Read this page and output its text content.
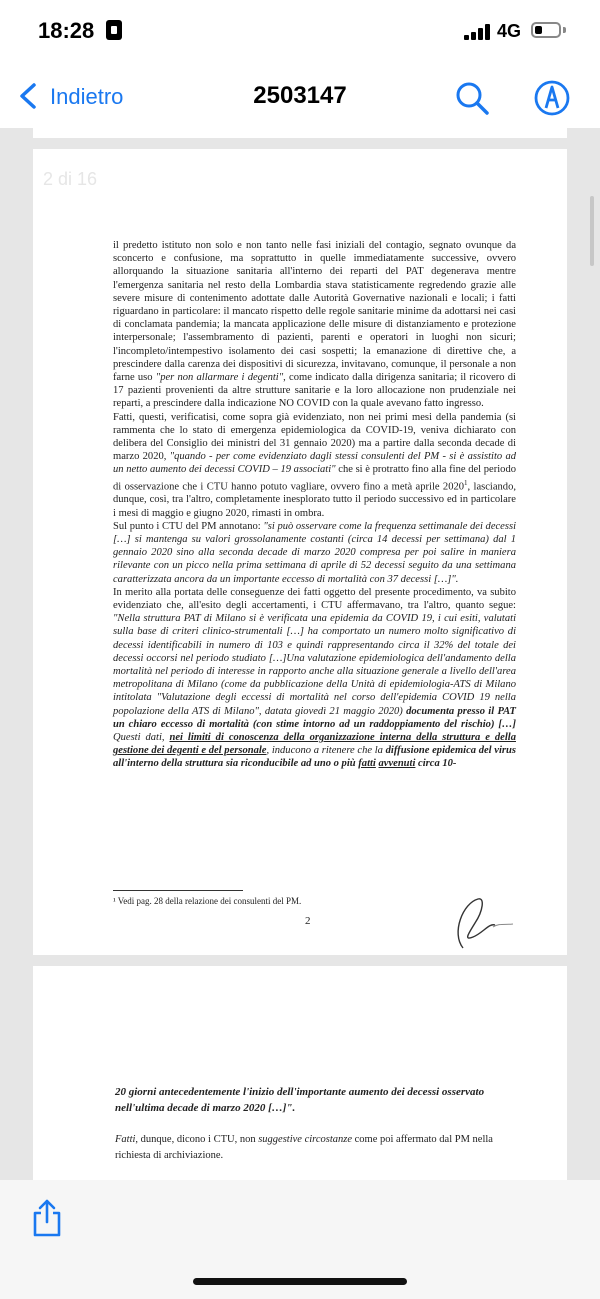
18:28	4G
Indietro	2503147
2 di 16

il predetto istituto non solo e non tanto nelle fasi iniziali del contagio, segnato ovunque da sconcerto e confusione, ma soprattutto in quelle immediatamente successive, ovvero allorquando la situazione sanitaria all'interno dei reparti del PAT degenerava mentre l'emergenza sanitaria nel resto della Lombardia stava statisticamente regredendo grazie alle severe misure di contenimento adottate dalle Autorità Governative nazionali e locali; i fatti riguardano in particolare: il mancato rispetto delle regole sanitarie minime da adottarsi nei casi di conclamata pandemia; la mancata applicazione delle misure di distanziamento e protezione interpersonale; l'assembramento di pazienti, parenti e operatori in luoghi non sicuri; l'incompleto/intempestivo isolamento dei casi sospetti; la emanazione di direttive che, a prescindere dalla carenza dei dispositivi di sicurezza, invitavano, comunque, il personale a non farne uso "per non allarmare i degenti", come indicato dalla dirigenza sanitaria; il ricovero di 17 pazienti provenienti da altre strutture sanitarie e la loro allocazione non prudenziale nei reparti, a prescindere dalla indicazione NO COVID con la quale avevano fatto ingresso.

Fatti, questi, verificatisi, come sopra già evidenziato, non nei primi mesi della pandemia (si rammenta che lo stato di emergenza epidemiologica da COVID-19, veniva dichiarato con delibera del Consiglio dei ministri del 31 gennaio 2020) ma a partire dalla seconda decade di marzo 2020, "quando - per come evidenziato dagli stessi consulenti del PM - si è assistito ad un netto aumento dei decessi COVID – 19 associati" che si è protratto fino alla fine del periodo di osservazione che i CTU hanno potuto vagliare, ovvero fino a metà aprile 2020$^1$, lasciando, dunque, così, tra l'altro, completamente inesplorato tutto il periodo successivo ed in particolare i mesi di maggio e giugno 2020, rimasti in ombra.

Sul punto i CTU del PM annotano: "si può osservare come la frequenza settimanale dei decessi […] si mantenga su valori grossolanamente costanti (circa 14 decessi per settimana) dal 1 gennaio 2020 sino alla seconda decade di marzo 2020 compresa per poi salire in maniera rilevante con un picco nella prima settimana di aprile di 52 decessi seguito da una settimana caratterizzata ancora da un importante eccesso di mortalità con 37 decessi […]".

In merito alla portata delle conseguenze dei fatti oggetto del presente procedimento, va subito evidenziato che, all'esito degli accertamenti, i CTU affermavano, tra l'altro, quanto segue: "Nella struttura PAT di Milano si è verificata una epidemia da COVID 19, i cui esiti, valutati sulla base di criteri clinico-strumentali […] ha comportato un numero molto significativo di decessi identificabili in numero di 103 e quindi rappresentando circa il 32% del totale dei decessi occorsi nel periodo studiato […]Una valutazione epidemiologica dell'andamento della mortalità nel periodo di interesse in rapporto anche alla situazione generale a livello dell'area metropolitana di Milano (come da pubblicazione della Unità di epidemiologia-ATS di Milano intitolata "Valutazione degli eccessi di mortalità nel corso dell'epidemia COVID 19 nella popolazione della ATS di Milano", datata giovedì 21 maggio 2020) documenta presso il PAT un chiaro eccesso di mortalità (con stime intorno ad un raddoppiamento del rischio) […] Questi dati, nei limiti di conoscenza della organizzazione interna della struttura e della gestione dei degenti e del personale, inducono a ritenere che la diffusione epidemica del virus all'interno della struttura sia riconducibile ad uno o più fatti avvenuti circa 10-

¹ Vedi pag. 28 della relazione dei consulenti del PM.
2
20 giorni antecedentemente l'inizio dell'importante aumento dei decessi osservato nell'ultima decade di marzo 2020 […]".
Fatti, dunque, dicono i CTU, non suggestive circostanze come poi affermato dal PM nella richiesta di archiviazione.
